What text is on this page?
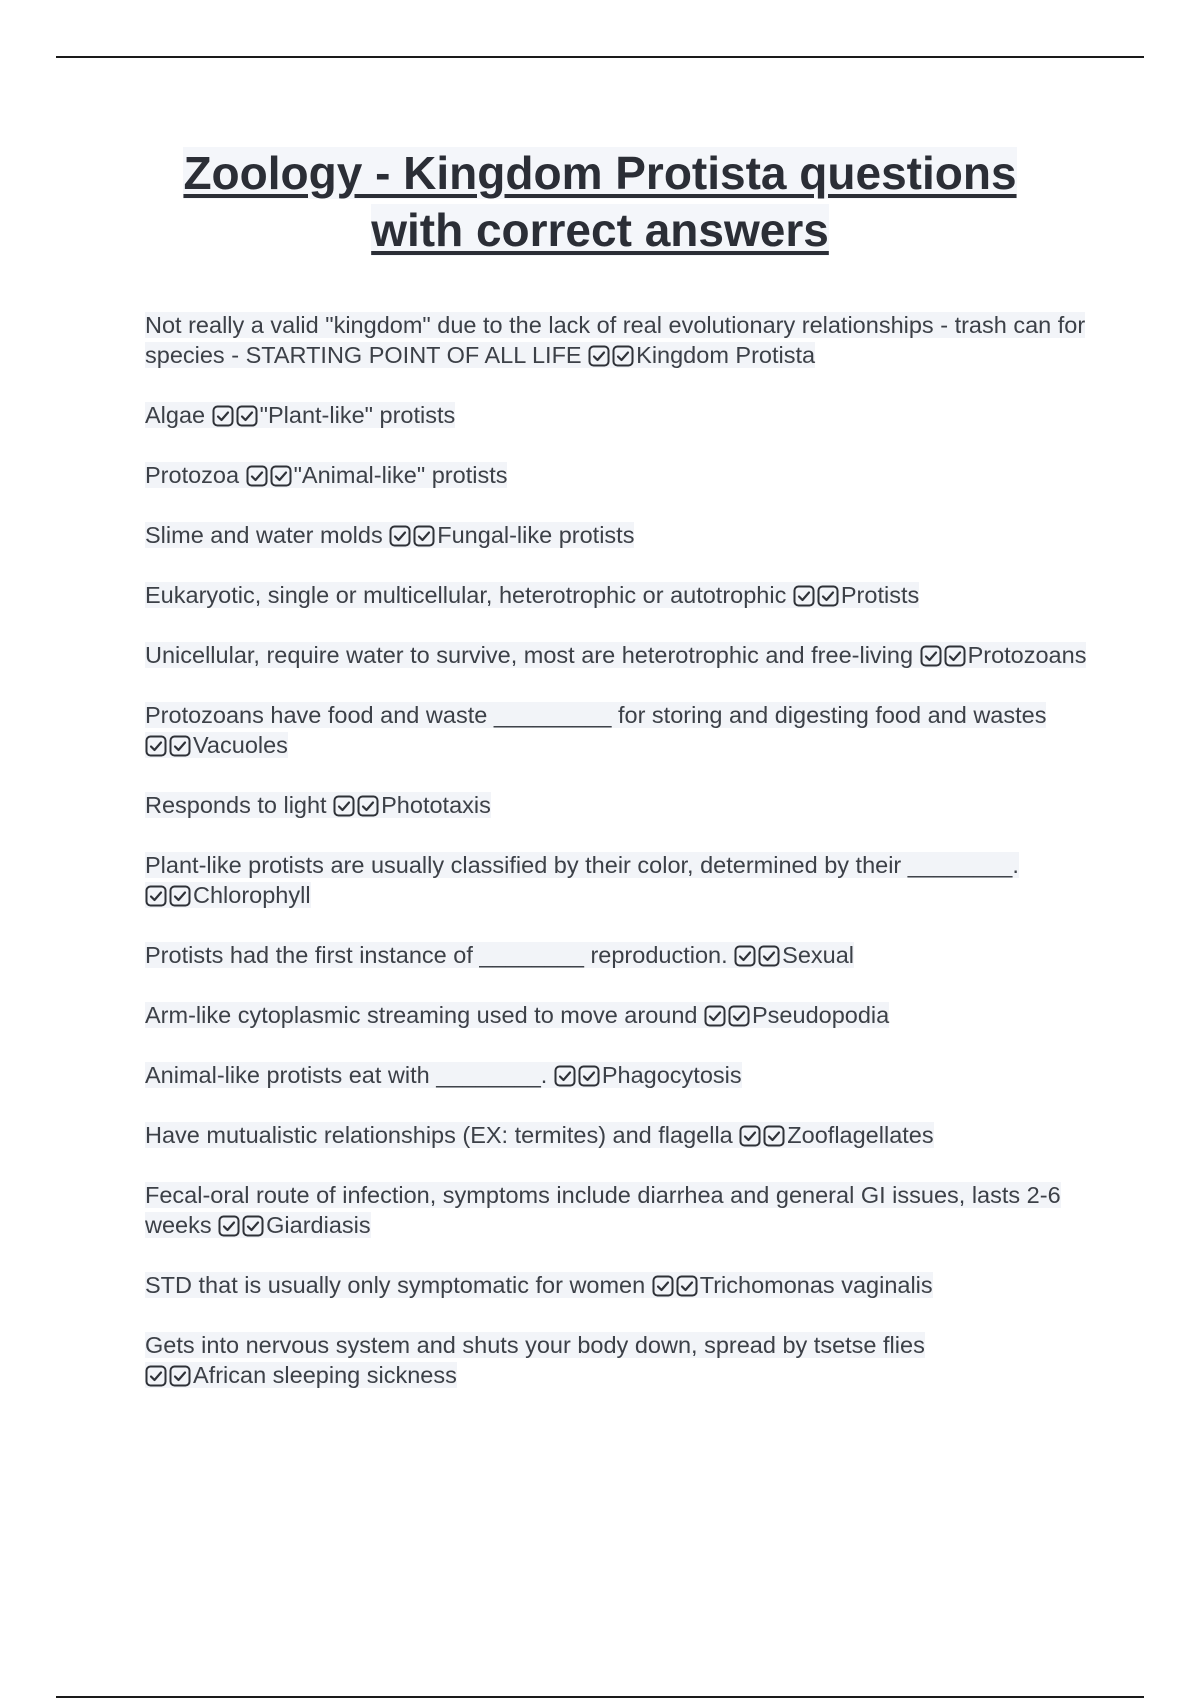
Zoology - Kingdom Protista questions
with correct answers

Not really a valid "kingdom" due to the lack of real evolutionary relationships - trash can for species - STARTING POINT OF ALL LIFE Kingdom Protista

Algae "Plant-like" protists

Protozoa "Animal-like" protists

Slime and water molds Fungal-like protists

Eukaryotic, single or multicellular, heterotrophic or autotrophic Protists

Unicellular, require water to survive, most are heterotrophic and free-living Protozoans

Protozoans have food and waste _________ for storing and digesting food and wastes
Vacuoles

Responds to light Phototaxis

Plant-like protists are usually classified by their color, determined by their ________.
Chlorophyll

Protists had the first instance of ________ reproduction. Sexual

Arm-like cytoplasmic streaming used to move around Pseudopodia

Animal-like protists eat with ________. Phagocytosis

Have mutualistic relationships (EX: termites) and flagella Zooflagellates

Fecal-oral route of infection, symptoms include diarrhea and general GI issues, lasts 2-6 weeks Giardiasis

STD that is usually only symptomatic for women Trichomonas vaginalis

Gets into nervous system and shuts your body down, spread by tsetse flies
African sleeping sickness
